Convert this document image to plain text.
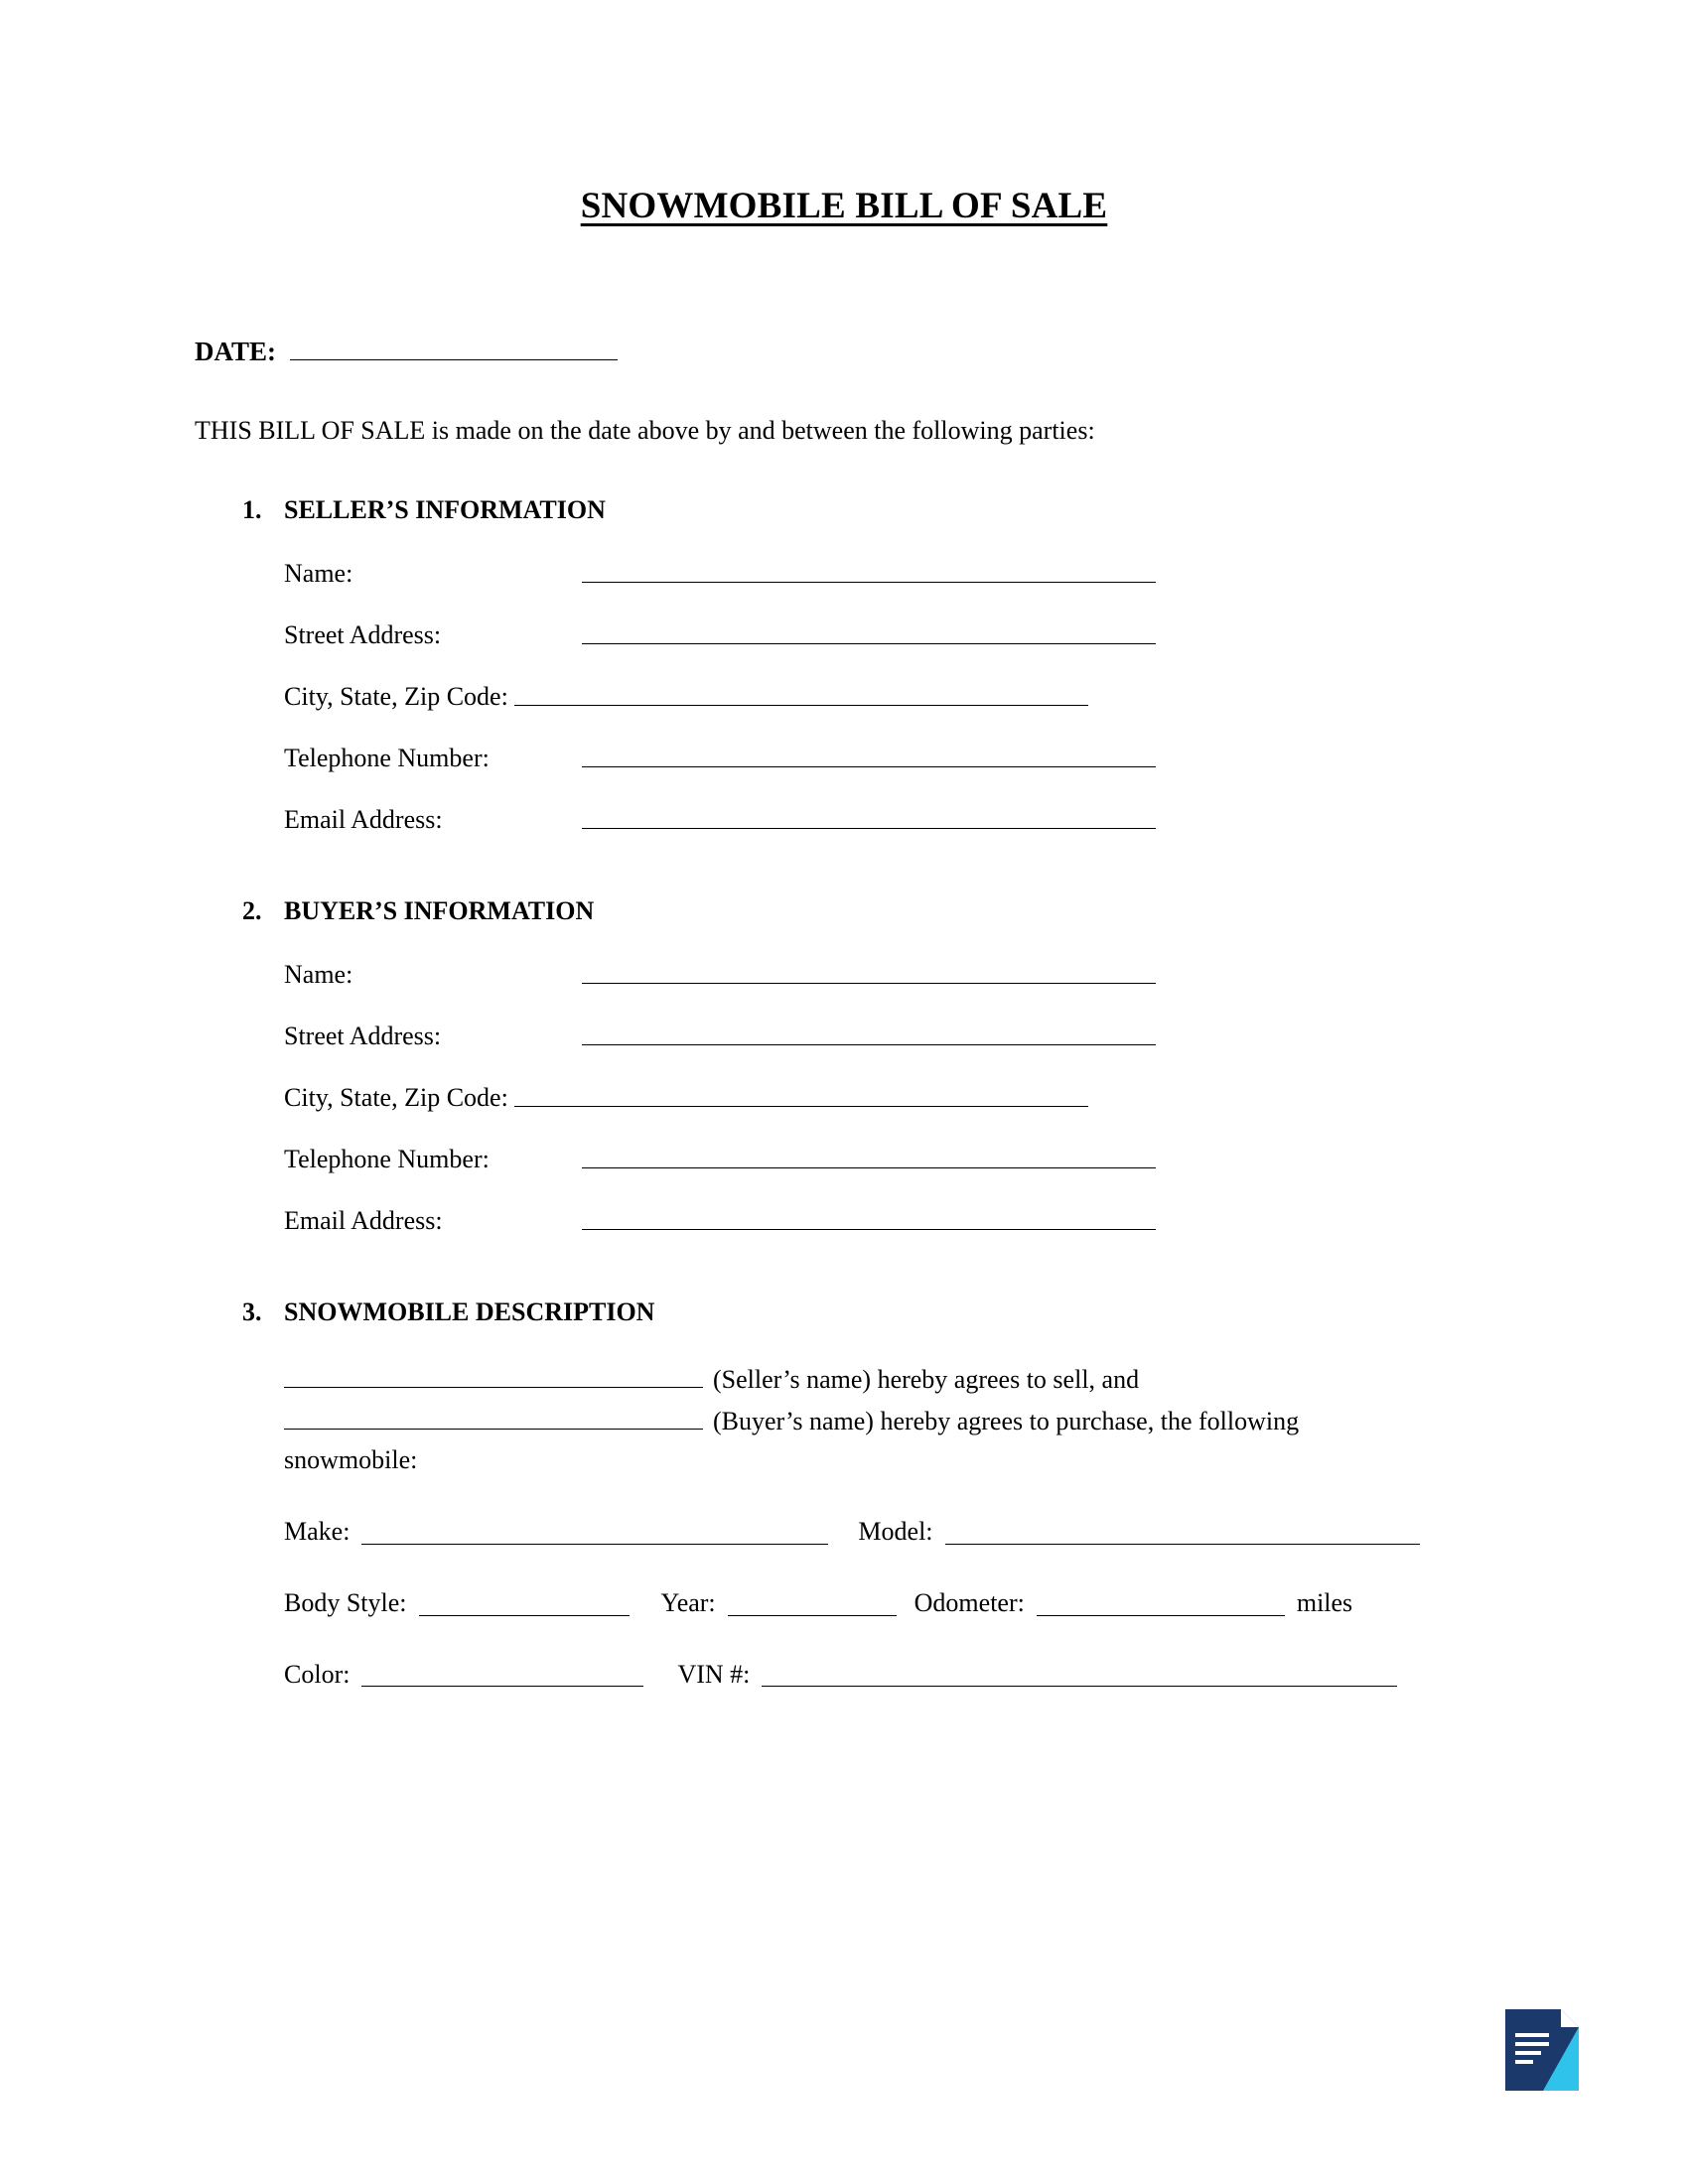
SNOWMOBILE BILL OF SALE
DATE:
THIS BILL OF SALE is made on the date above by and between the following parties:
1. SELLER’S INFORMATION
Name:
Street Address:
City, State, Zip Code:
Telephone Number:
Email Address:
2. BUYER’S INFORMATION
Name:
Street Address:
City, State, Zip Code:
Telephone Number:
Email Address:
3. SNOWMOBILE DESCRIPTION
(Seller’s name) hereby agrees to sell, and
(Buyer’s name) hereby agrees to purchase, the following
snowmobile:
Make:	Model:
Body Style:	Year:	Odometer:	miles
Color:	VIN #:
